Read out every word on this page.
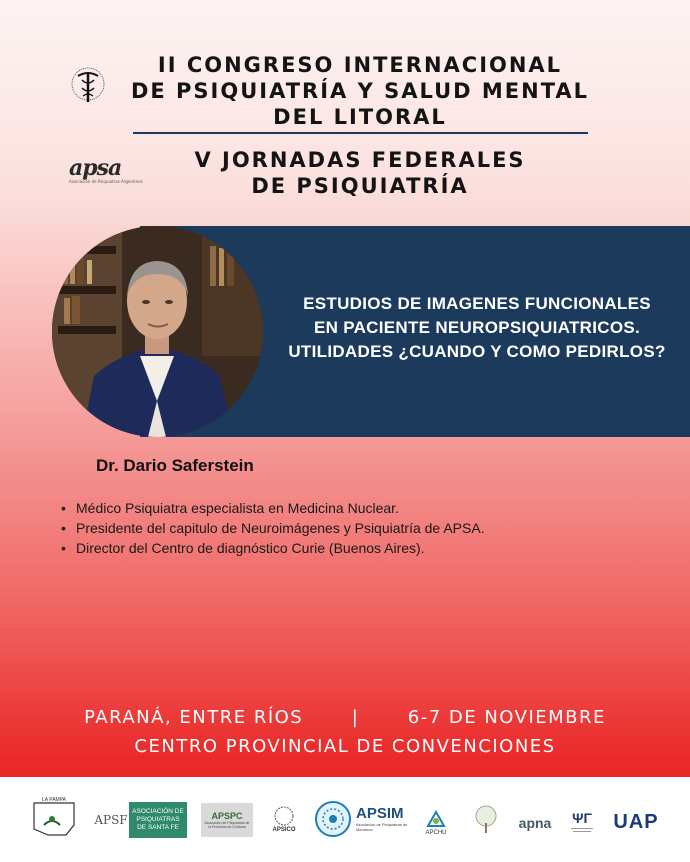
II CONGRESO INTERNACIONAL
DE PSIQUIATRÍA Y SALUD MENTAL
DEL LITORAL
apsa
Asociación de Psiquiatras Argentinos
V JORNADAS FEDERALES
DE PSIQUIATRÍA
ESTUDIOS DE IMAGENES FUNCIONALES
EN PACIENTE NEUROPSIQUIATRICOS.
UTILIDADES ¿CUANDO Y COMO PEDIRLOS?
Dr. Dario Saferstein
• Médico Psiquiatra especialista en Medicina Nuclear.
• Presidente del capitulo de Neuroimágenes y Psiquiatría de APSA.
• Director del Centro de diagnóstico Curie (Buenos Aires).
PARANÁ, ENTRE RÍOS	|	6-7 DE NOVIEMBRE
CENTRO PROVINCIAL DE CONVENCIONES
LA PAMPA
APSF
ASOCIACIÓN DE PSIQUIATRAS DE SANTA FE
APSPC
Asociación de Psiquiatras de la Provincia de Córdoba	APSICO
APSIM
Asociación de Psiquiatras de Mendoza
APCHU
apna ΨΓ UAP
